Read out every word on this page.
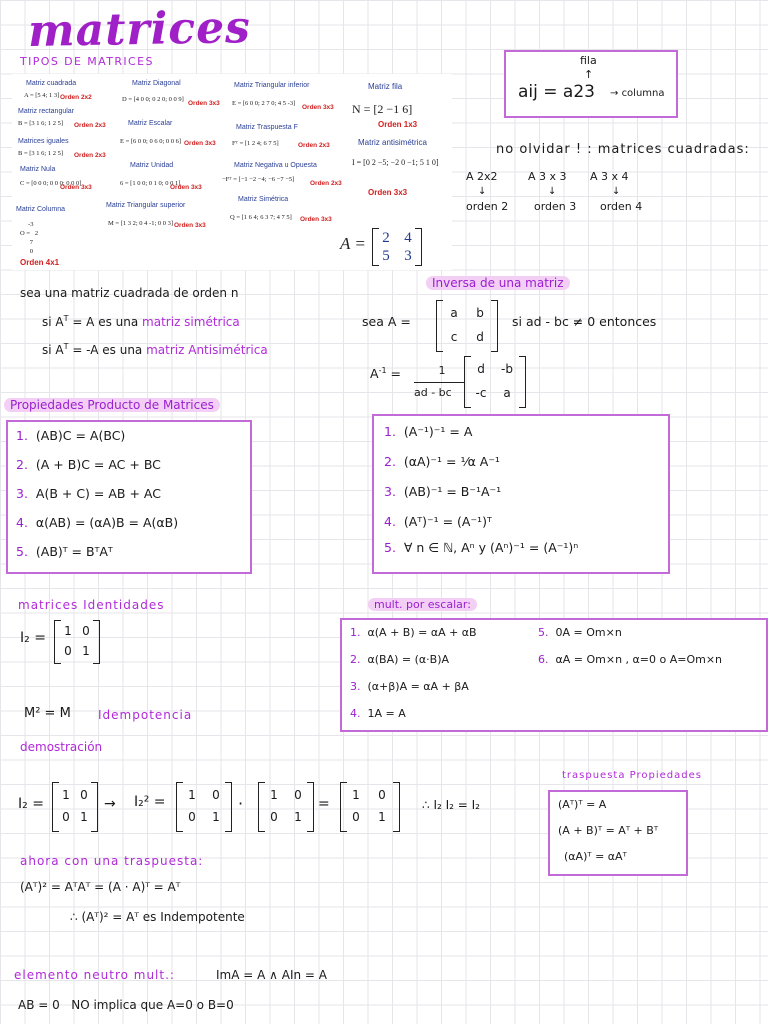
matrices
TIPOS DE MATRICES
Matriz cuadrada
A = [5 4; 1 3] Orden 2x2
Matriz rectangular
B = [3 1 6; 1 2 5] Orden 2x3
Matrices iguales
B = [3 1 6; 1 2 5] Orden 2x3
Matriz Nula
C = [0 0 0; 0 0 0; 0 0 0]
Orden 3x3
Matriz Columna
-3
O =   2
7
0
Orden 4x1
Matriz Diagonal
D = [4 0 0; 0 2 0; 0 0 9]
Orden 3x3
Matriz Escalar
E = [6 0 0; 0 6 0; 0 0 6] Orden 3x3
Matriz Unidad
6 = [1 0 0; 0 1 0; 0 0 1]
Orden 3x3
Matriz Triangular superior
M = [1 3 2; 0 4 -1; 0 0 3] Orden 3x3
Matriz Triangular inferior
E = [6 0 0; 2 7 0; 4 5 -3]
Orden 3x3
Matriz Traspuesta F
Fᵀ = [1 2 4; 6 7 5]	Orden 2x3
Matriz Negativa u Opuesta
−Fᵀ = [−1 −2 −4; −6 −7 −5]
Orden 2x3
Matriz Simétrica
Q = [1 6 4; 6 3 7; 4 7 5] Orden 3x3
Matriz fila
N = [2 −1 6]
Orden 1x3
Matriz antisimétrica
I = [0 2 −5; −2 0 −1; 5 1 0]
Orden 3x3
A = 2 4
5 3
fila
↑
aij = a23 → columna
no olvidar ! : matrices cuadradas:
A 2x2	A 3 x 3 A 3 x 4
↓	↓	↓
orden 2 orden 3 orden 4
sea una matriz cuadrada de orden n
si $A^T = A$ es una matriz simétrica
si $A^T = -A$ es una matriz Antisimétrica
Inversa de una matriz
sea A =
a	b
c	d
si ad - bc ≠ 0 entonces
$A^{-1}$ =	1
ad - bc
d	-b
-c	a
Propiedades Producto de Matrices
1. (AB)C = A(BC)
2. (A + B)C = AC + BC
3. A(B + C) = AB + AC
4. α(AB) = (αA)B = A(αB)
5. (AB)ᵀ = BᵀAᵀ
1. (A⁻¹)⁻¹ = A
2. (αA)⁻¹ = ¹⁄α A⁻¹
3. (AB)⁻¹ = B⁻¹A⁻¹
4. (Aᵀ)⁻¹ = (A⁻¹)ᵀ
5. ∀ n ∈ ℕ, Aⁿ y (Aⁿ)⁻¹ = (A⁻¹)ⁿ
matrices Identidades
I₂ = 1 0
0 1
M² = M Idempotencia
mult. por escalar:
1. α(A + B) = αA + αB
2. α(BA) = (α·B)A
3. (α+β)A = αA + βA
4. 1A = A
5. 0A = Om×n
6. αA = Om×n , α=0 o A=Om×n
demostración
I₂ =
1 0
0 1
→ I₂² =	1	0
0	1
·	1	0
0	1
=
1	0
0	1
∴ I₂ I₂ = I₂
traspuesta Propiedades
(Aᵀ)ᵀ = A
(A + B)ᵀ = Aᵀ + Bᵀ
(αA)ᵀ = αAᵀ
ahora con una traspuesta:
(Aᵀ)² = AᵀAᵀ = (A · A)ᵀ = Aᵀ
∴ (Aᵀ)² = Aᵀ es Indempotente
elemento neutro mult.:	ImA = A ∧ AIn = A
AB = 0 NO implica que A=0 o B=0
